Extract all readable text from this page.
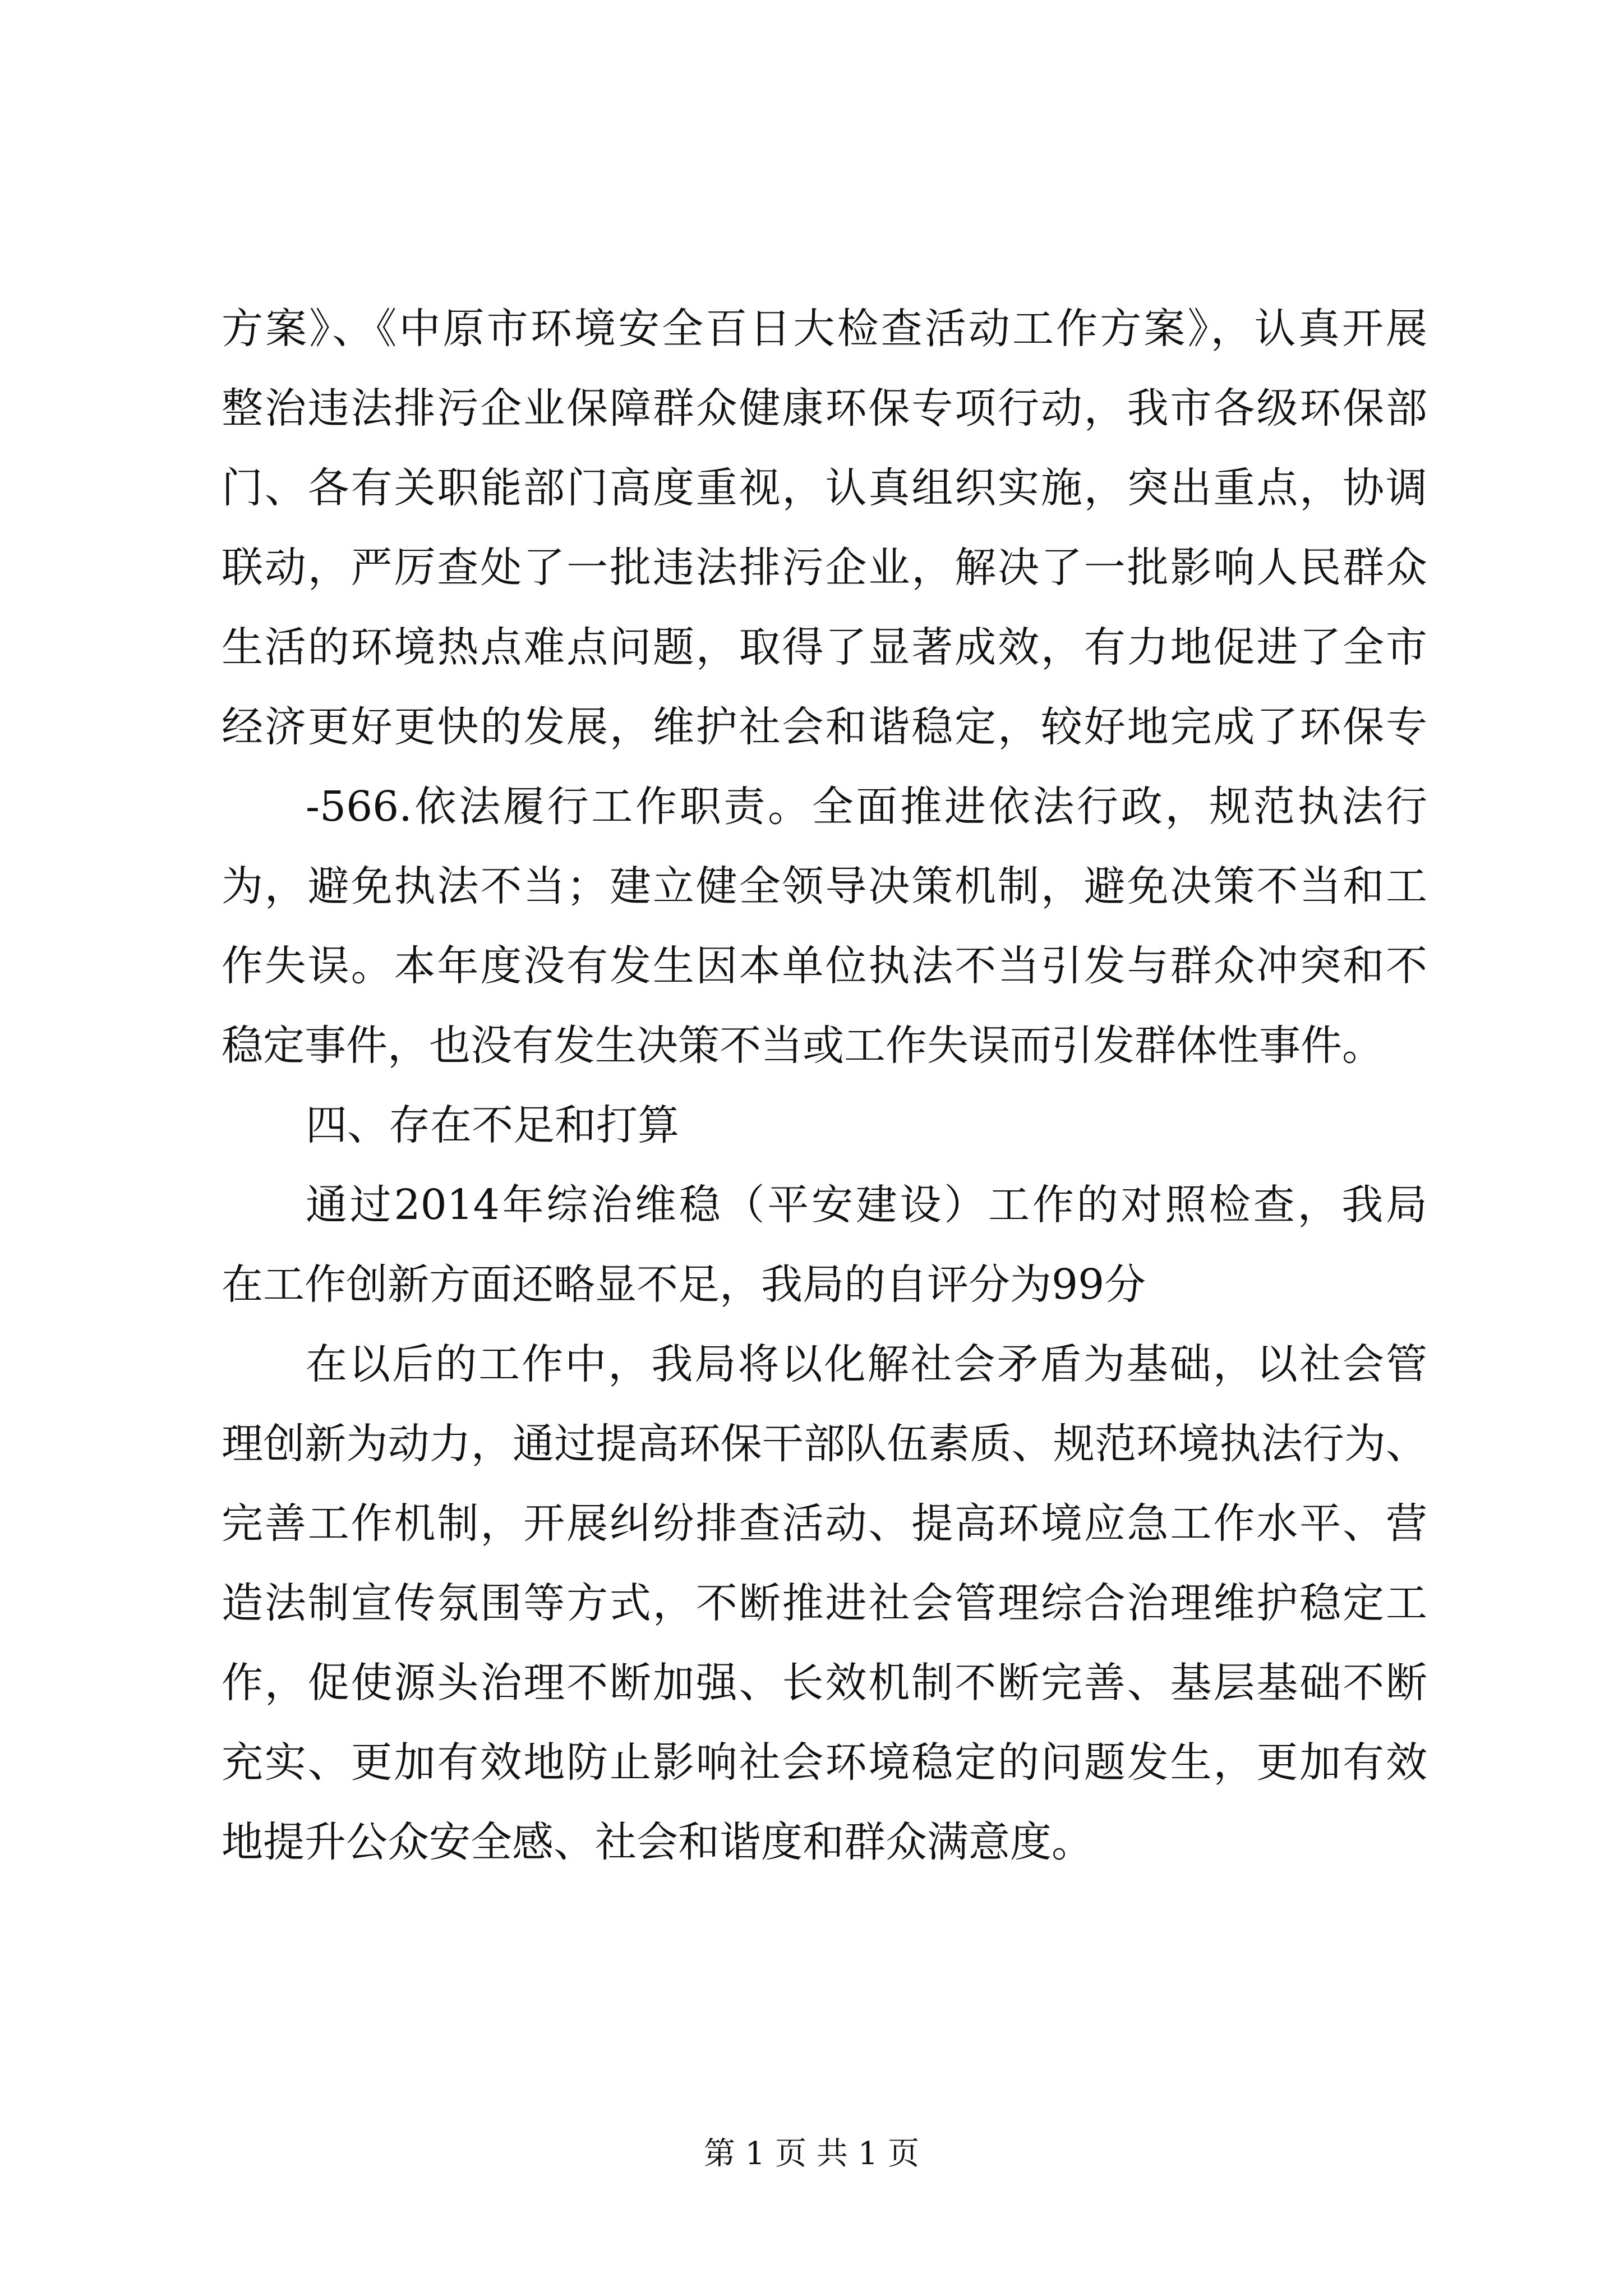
方案》、《中原市环境安全百日大检查活动工作方案》，认真开展
整治违法排污企业保障群众健康环保专项行动，我市各级环保部
门、各有关职能部门高度重视，认真组织实施，突出重点，协调
联动，严厉查处了一批违法排污企业，解决了一批影响人民群众
生活的环境热点难点问题，取得了显著成效，有力地促进了全市
经济更好更快的发展，维护社会和谐稳定，较好地完成了环保专
-566.依法履行工作职责。全面推进依法行政，规范执法行
为，避免执法不当；建立健全领导决策机制，避免决策不当和工
作失误。本年度没有发生因本单位执法不当引发与群众冲突和不
稳定事件，也没有发生决策不当或工作失误而引发群体性事件。
四、存在不足和打算
通过2014年综治维稳（平安建设）工作的对照检查，我局
在工作创新方面还略显不足，我局的自评分为99分
在以后的工作中，我局将以化解社会矛盾为基础，以社会管
理创新为动力，通过提高环保干部队伍素质、规范环境执法行为、
完善工作机制，开展纠纷排查活动、提高环境应急工作水平、营
造法制宣传氛围等方式，不断推进社会管理综合治理维护稳定工
作，促使源头治理不断加强、长效机制不断完善、基层基础不断
充实、更加有效地防止影响社会环境稳定的问题发生，更加有效
地提升公众安全感、社会和谐度和群众满意度。
第 1 页 共 1 页
